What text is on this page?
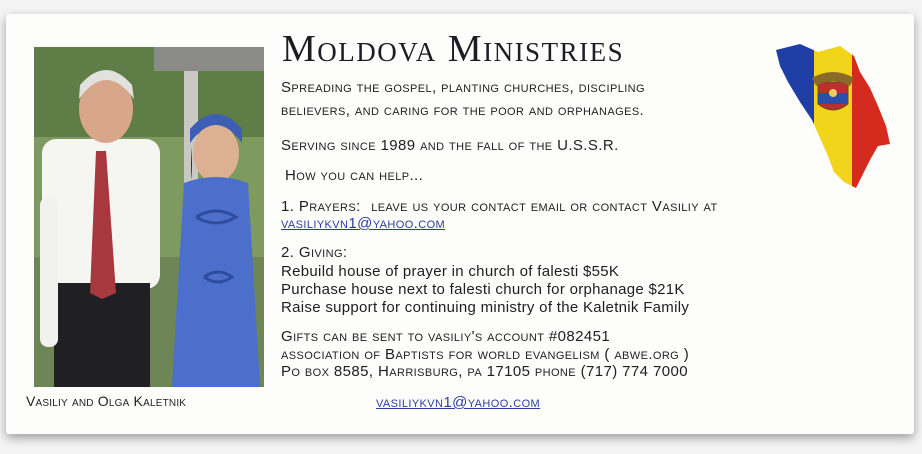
Moldova Ministries
Spreading the gospel, planting churches, discipling
believers, and caring for the poor and orphanages.
Serving since 1989 and the fall of the U.S.S.R.
How you can help...
1. Prayers: leave us your contact email or contact Vasiliy at
vasiliykvn1@yahoo.com
2. Giving:
Rebuild house of prayer in church of falesti $55K
Purchase house next to falesti church for orphanage $21K
Raise support for continuing ministry of the Kaletnik Family
Gifts can be sent to vasiliy's account #082451
association of Baptists for world evangelism ( abwe.org )
Po box 8585, Harrisburg, pa 17105 phone (717) 774 7000
Vasiliy and Olga Kaletnik	vasiliykvn1@yahoo.com
